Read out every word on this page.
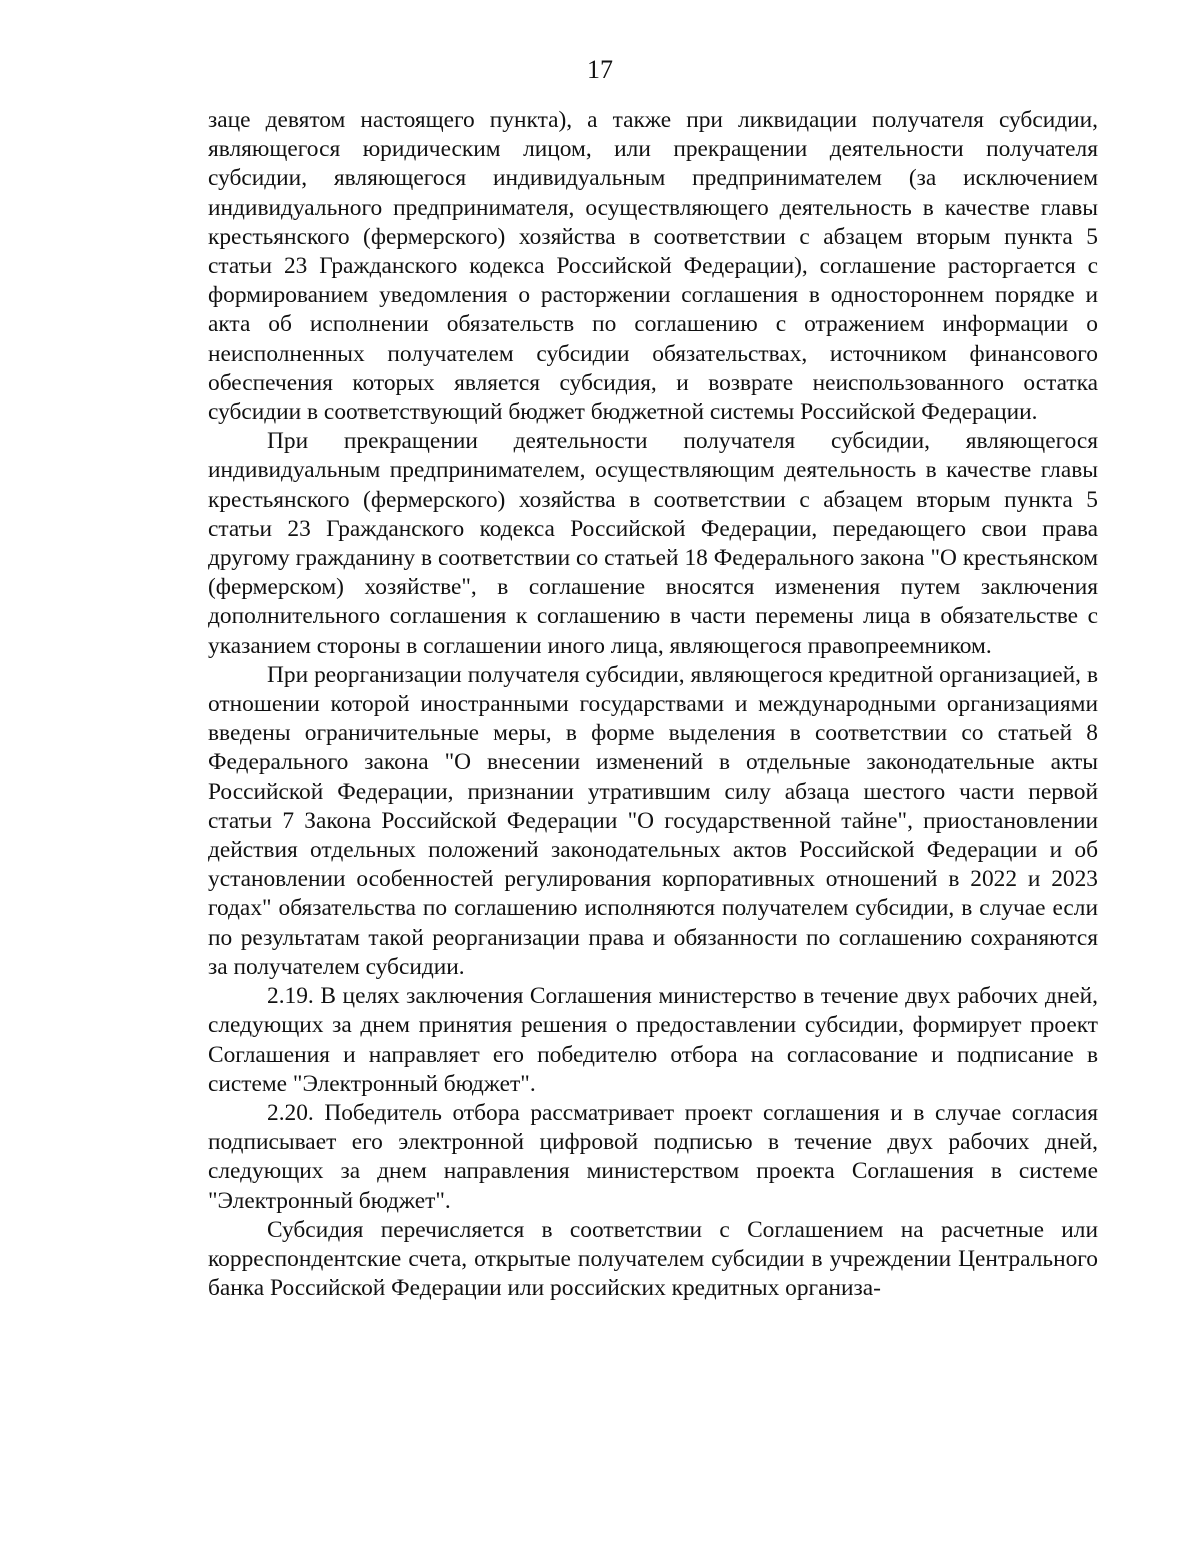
17

заце девятом настоящего пункта), а также при ликвидации получателя субсидии, являющегося юридическим лицом, или прекращении деятельности получателя субсидии, являющегося индивидуальным предпринимателем (за исключением индивидуального предпринимателя, осуществляющего деятельность в качестве главы крестьянского (фермерского) хозяйства в соответствии с абзацем вторым пункта 5 статьи 23 Гражданского кодекса Российской Федерации), соглашение расторгается с формированием уведомления о расторжении соглашения в одностороннем порядке и акта об исполнении обязательств по соглашению с отражением информации о неисполненных получателем субсидии обязательствах, источником финансового обеспечения которых является субсидия, и возврате неиспользованного остатка субсидии в соответствующий бюджет бюджетной системы Российской Федерации.

При прекращении деятельности получателя субсидии, являющегося индивидуальным предпринимателем, осуществляющим деятельность в качестве главы крестьянского (фермерского) хозяйства в соответствии с абзацем вторым пункта 5 статьи 23 Гражданского кодекса Российской Федерации, передающего свои права другому гражданину в соответствии со статьей 18 Федерального закона "О крестьянском (фермерском) хозяйстве", в соглашение вносятся изменения путем заключения дополнительного соглашения к соглашению в части перемены лица в обязательстве с указанием стороны в соглашении иного лица, являющегося правопреемником.

При реорганизации получателя субсидии, являющегося кредитной организацией, в отношении которой иностранными государствами и международными организациями введены ограничительные меры, в форме выделения в соответствии со статьей 8 Федерального закона "О внесении изменений в отдельные законодательные акты Российской Федерации, признании утратившим силу абзаца шестого части первой статьи 7 Закона Российской Федерации "О государственной тайне", приостановлении действия отдельных положений законодательных актов Российской Федерации и об установлении особенностей регулирования корпоративных отношений в 2022 и 2023 годах" обязательства по соглашению исполняются получателем субсидии, в случае если по результатам такой реорганизации права и обязанности по соглашению сохраняются за получателем субсидии.

2.19. В целях заключения Соглашения министерство в течение двух рабочих дней, следующих за днем принятия решения о предоставлении субсидии, формирует проект Соглашения и направляет его победителю отбора на согласование и подписание в системе "Электронный бюджет".

2.20. Победитель отбора рассматривает проект соглашения и в случае согласия подписывает его электронной цифровой подписью в течение двух рабочих дней, следующих за днем направления министерством проекта Соглашения в системе "Электронный бюджет".

Субсидия перечисляется в соответствии с Соглашением на расчетные или корреспондентские счета, открытые получателем субсидии в учреждении Центрального банка Российской Федерации или российских кредитных организа-
